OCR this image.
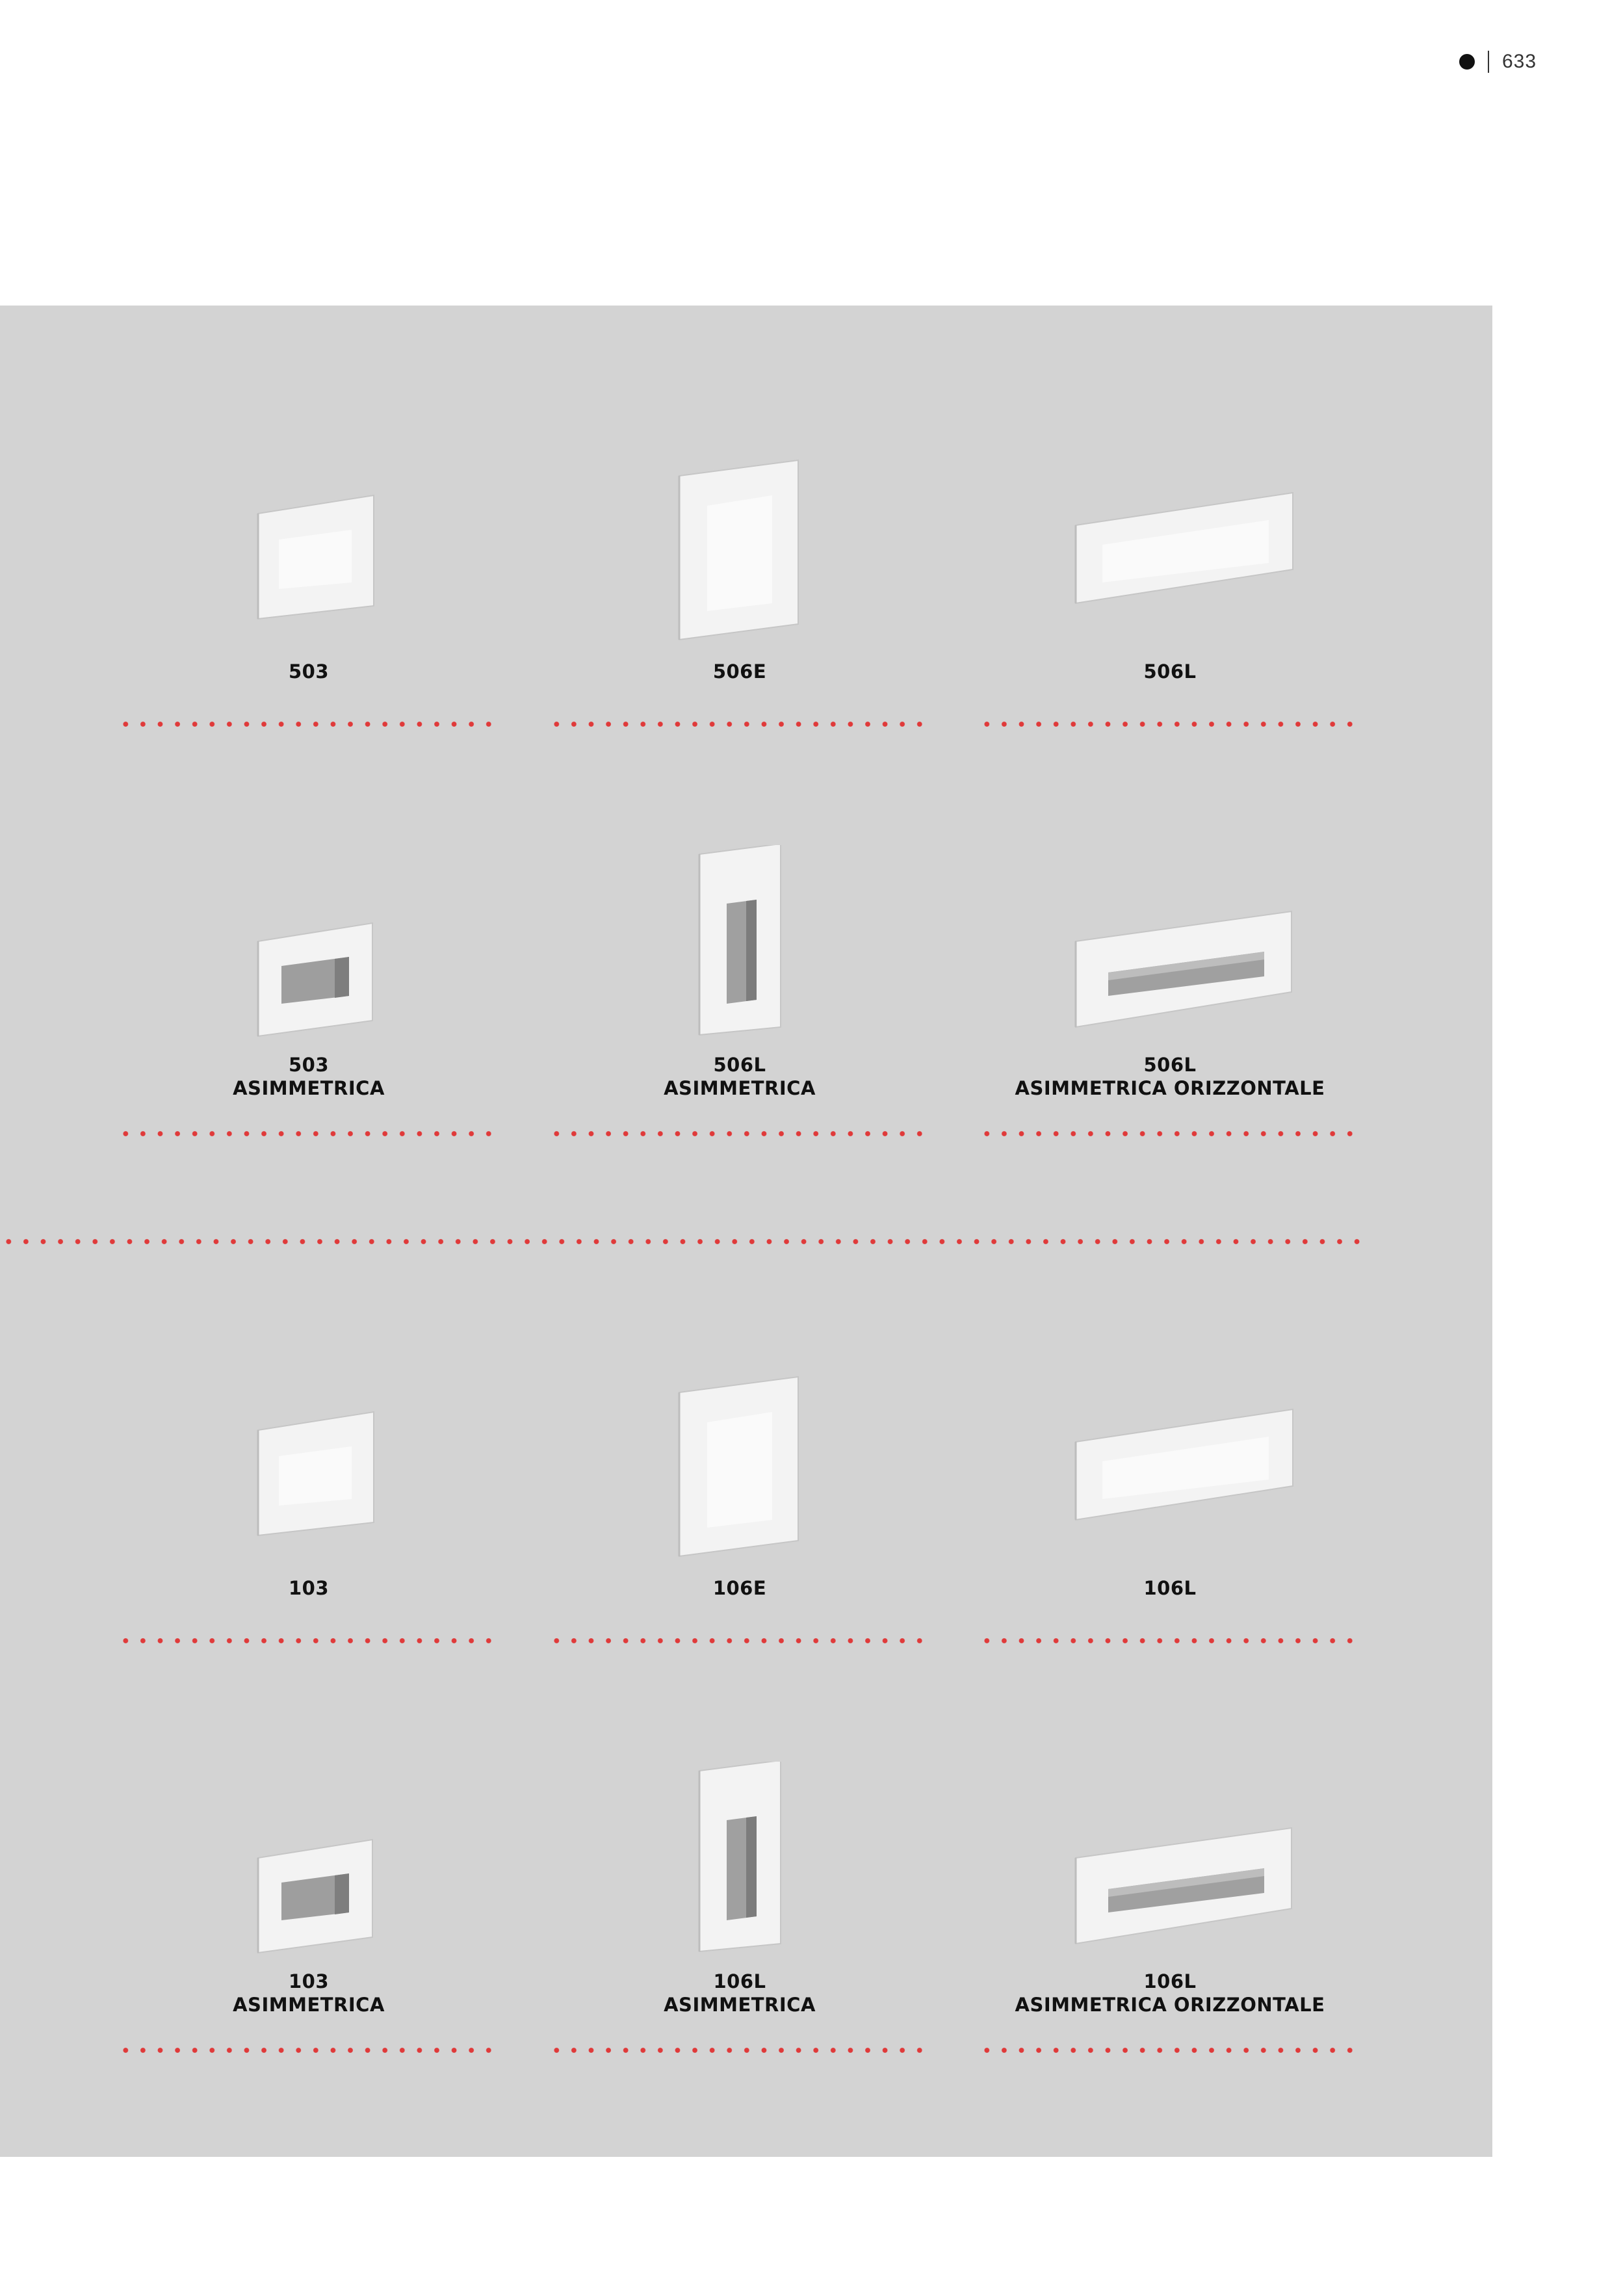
633
503	506E	506L
503
ASIMMETRICA
506L
ASIMMETRICA
506L
ASIMMETRICA ORIZZONTALE
103	106E	106L
103
ASIMMETRICA
106L
ASIMMETRICA
106L
ASIMMETRICA ORIZZONTALE
